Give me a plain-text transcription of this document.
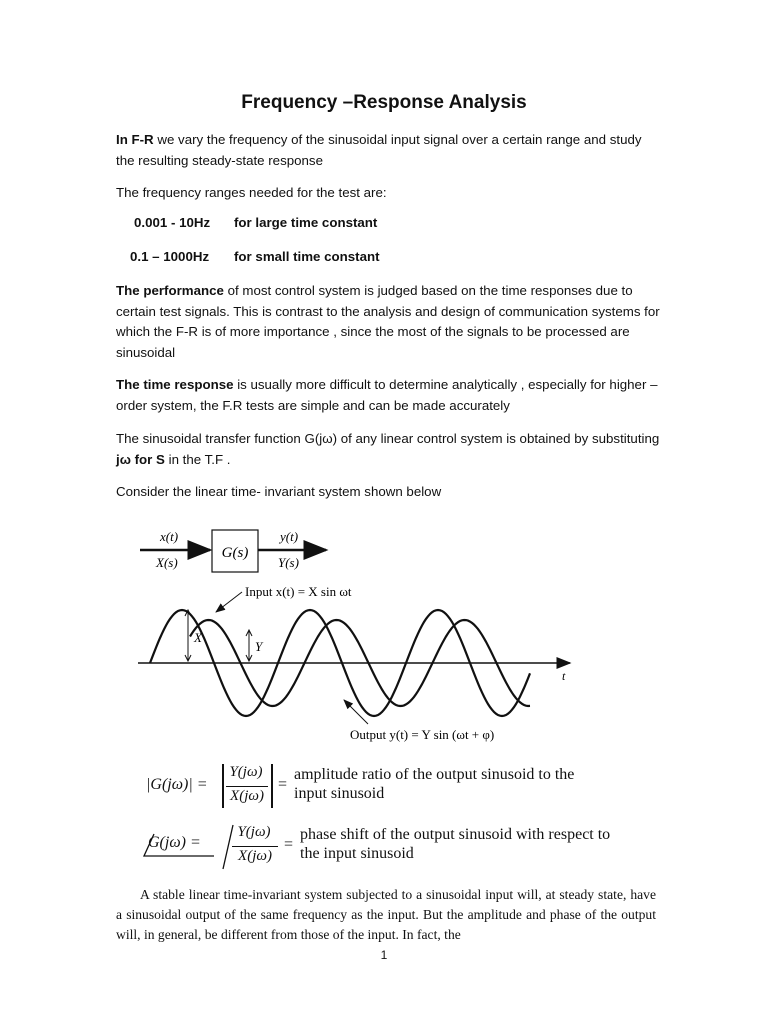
Frequency –Response Analysis
In F-R we vary the frequency of the sinusoidal input signal over a certain range and study the resulting steady-state response
The frequency ranges needed for the test are:
0.001 - 10Hz for large time constant
0.1 – 1000Hz for small time constant
The performance of most control system is judged based on the time responses due to certain test signals. This is contrast to the analysis and design of communication systems for which the F-R is of more importance , since the most of the signals to be processed are sinusoidal
The time response is usually more difficult to determine analytically , especially for higher – order system, the F.R tests are simple and can be made accurately
The sinusoidal transfer function G(jω) of any linear control system is obtained by substituting jω for S in the T.F .
Consider the linear time- invariant system shown below
G(s)
x(t)
X(s)
y(t)
Y(s)
Input x(t) = X sin ωt
t
X
Y
Output y(t) = Y sin (ωt + φ)
|G(jω)| =
Y(jω)
X(jω)
=
amplitude ratio of the output sinusoid to the
input sinusoid
G(jω) =
Y(jω)
X(jω)
=
phase shift of the output sinusoid with respect to
the input sinusoid
A stable linear time-invariant system subjected to a sinusoidal input will, at steady state, have a sinusoidal output of the same frequency as the input. But the amplitude and phase of the output will, in general, be different from those of the input. In fact, the
1
